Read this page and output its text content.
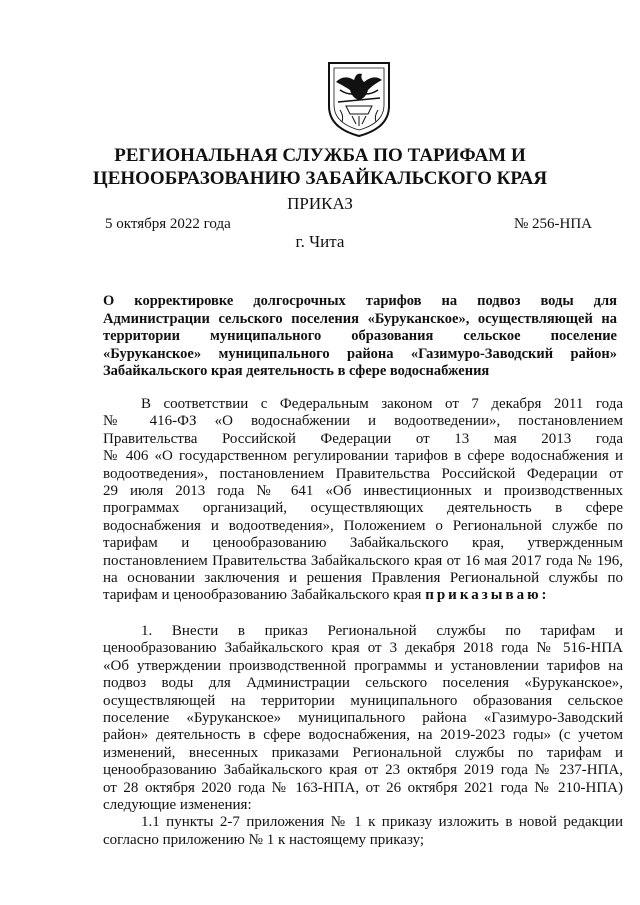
РЕГИОНАЛЬНАЯ СЛУЖБА ПО ТАРИФАМ И
ЦЕНООБРАЗОВАНИЮ ЗАБАЙКАЛЬСКОГО КРАЯ
ПРИКАЗ
5 октября 2022 года	№ 256-НПА
г. Чита
О корректировке долгосрочных тарифов на подвоз воды для
Администрации сельского поселения «Буруканское», осуществляющей на
территории муниципального образования сельское поселение
«Буруканское» муниципального района «Газимуро-Заводский район»
Забайкальского края деятельность в сфере водоснабжения
В соответствии с Федеральным законом от 7 декабря 2011 года
№ 416-ФЗ «О водоснабжении и водоотведении», постановлением
Правительства Российской Федерации от 13 мая 2013 года
№ 406 «О государственном регулировании тарифов в сфере водоснабжения и
водоотведения», постановлением Правительства Российской Федерации от
29 июля 2013 года № 641 «Об инвестиционных и производственных
программах организаций, осуществляющих деятельность в сфере
водоснабжения и водоотведения», Положением о Региональной службе по
тарифам и ценообразованию Забайкальского края, утвержденным
постановлением Правительства Забайкальского края от 16 мая 2017 года № 196,
на основании заключения и решения Правления Региональной службы по
тарифам и ценообразованию Забайкальского края приказываю:
1. Внести в приказ Региональной службы по тарифам и
ценообразованию Забайкальского края от 3 декабря 2018 года № 516-НПА
«Об утверждении производственной программы и установлении тарифов на
подвоз воды для Администрации сельского поселения «Буруканское»,
осуществляющей на территории муниципального образования сельское
поселение «Буруканское» муниципального района «Газимуро-Заводский
район» деятельность в сфере водоснабжения, на 2019-2023 годы» (с учетом
изменений, внесенных приказами Региональной службы по тарифам и
ценообразованию Забайкальского края от 23 октября 2019 года № 237-НПА,
от 28 октября 2020 года № 163-НПА, от 26 октября 2021 года № 210-НПА)
следующие изменения:
1.1 пункты 2-7 приложения № 1 к приказу изложить в новой редакции
согласно приложению № 1 к настоящему приказу;
